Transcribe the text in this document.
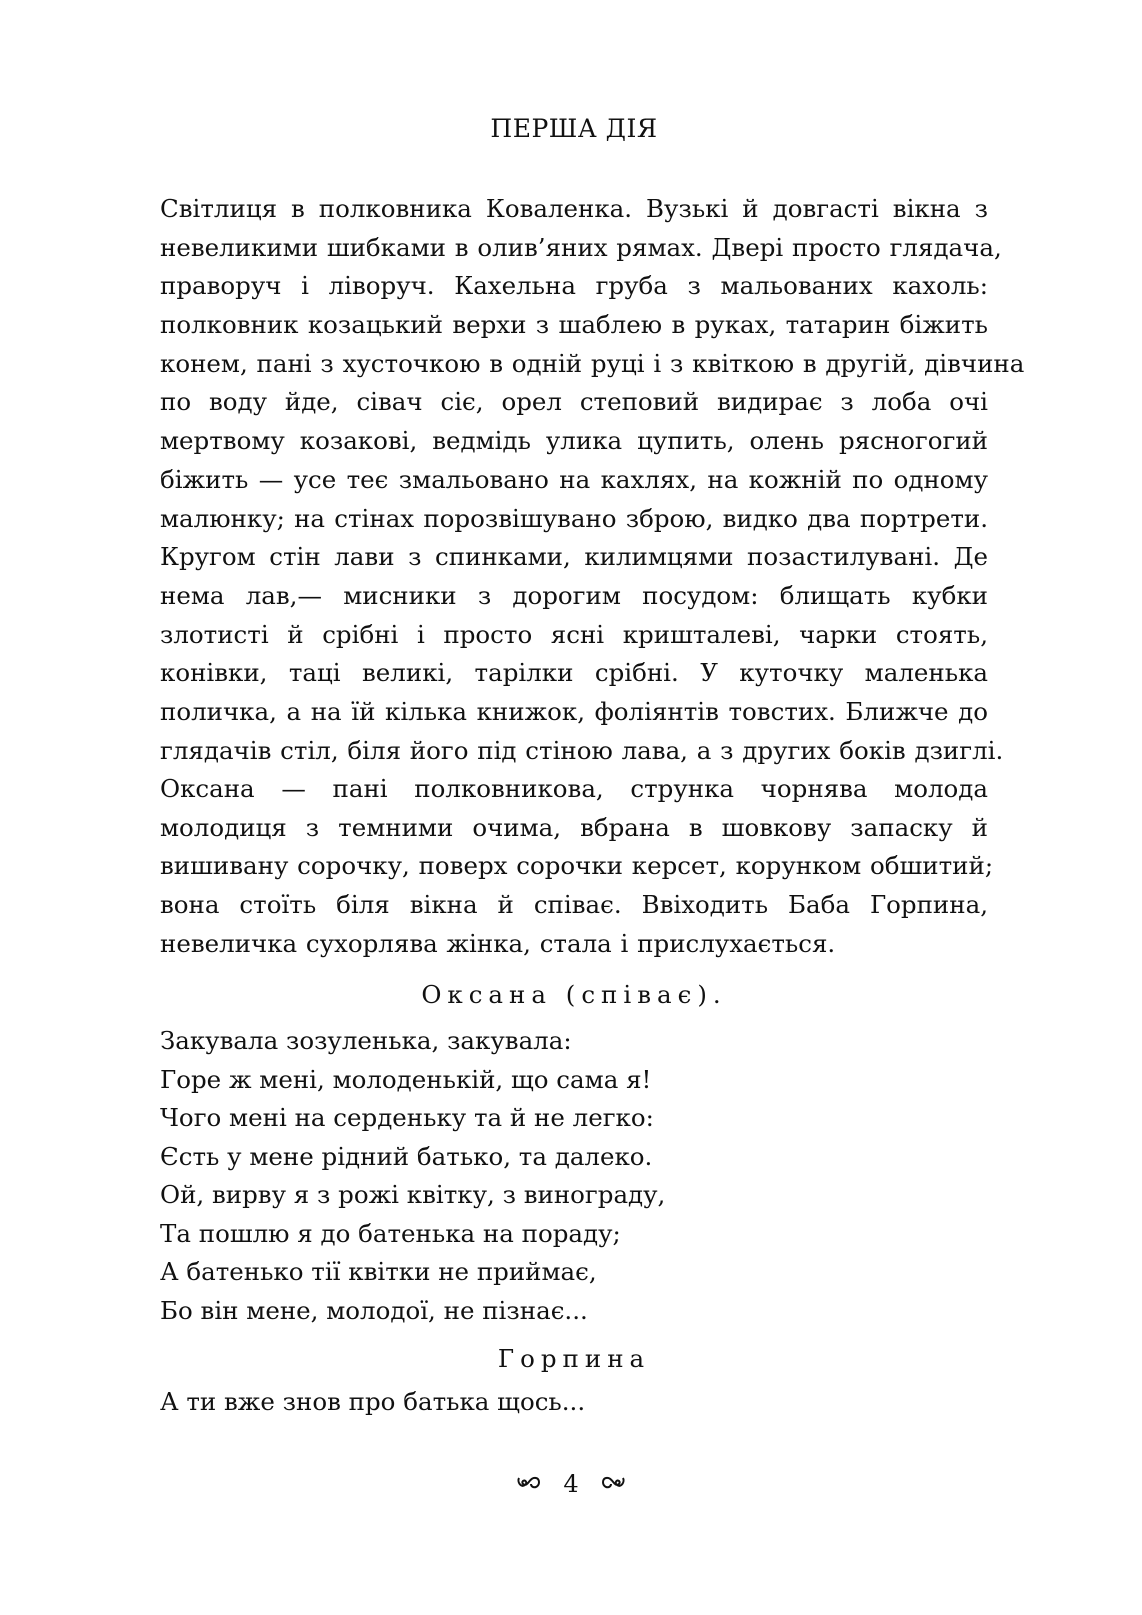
ПЕРША ДІЯ
Світлиця в полковника Коваленка. Вузькі й довгасті вікна з
невеликими шибками в олив’яних рямах. Двері просто глядача,
праворуч і ліворуч. Кахельна груба з мальованих кахоль:
полковник козацький верхи з шаблею в руках, татарин біжить
конем, пані з хусточкою в одній руці і з квіткою в другій, дівчина
по воду йде, сівач сіє, орел степовий видирає з лоба очі
мертвому козакові, ведмідь улика цупить, олень рясногогий
біжить — усе теє змальовано на кахлях, на кожній по одному
малюнку; на стінах порозвішувано зброю, видко два портрети.
Кругом стін лави з спинками, килимцями позастилувані. Де
нема лав,— мисники з дорогим посудом: блищать кубки
злотисті й срібні і просто ясні кришталеві, чарки стоять,
конівки, таці великі, тарілки срібні. У куточку маленька
поличка, а на їй кілька книжок, фоліянтів товстих. Ближче до
глядачів стіл, біля його під стіною лава, а з других боків дзиглі.
Оксана — пані полковникова, струнка чорнява молода
молодиця з темними очима, вбрана в шовкову запаску й
вишивану сорочку, поверх сорочки керсет, корунком обшитий;
вона стоїть біля вікна й співає. Ввіходить Баба Горпина,
невеличка сухорлява жінка, стала і прислухається.
Оксана (співає).
Закувала зозуленька, закувала:
Горе ж мені, молоденькій, що сама я!
Чого мені на серденьку та й не легко:
Єсть у мене рідний батько, та далеко.
Ой, вирву я з рожі квітку, з винограду,
Та пошлю я до батенька на пораду;
А батенько тії квітки не приймає,
Бо він мене, молодої, не пізнає...
Горпина
А ти вже знов про батька щось...
4
